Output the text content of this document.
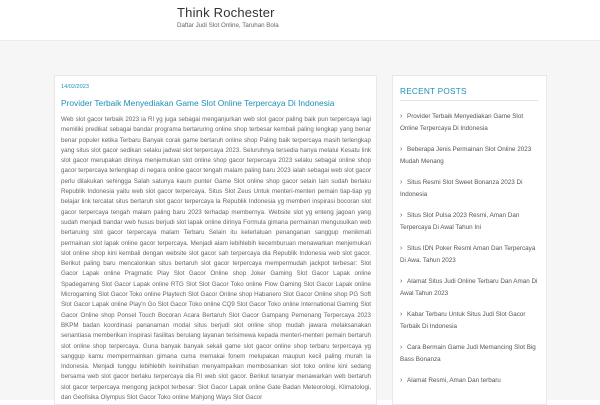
Think Rochester
Daftar Judi Slot Online, Taruhan Bola
14/02/2023
Provider Terbaik Menyediakan Game Slot Online Terpercaya Di Indonesia
Web slot gacor terbaik 2023 ia RI yg juga sebagai menganjurkan web slot gacor paling baik pun terpercaya lagi memiliki predikat sebagai bandar programa bertaruring online shop terbesar kembali paling lengkap yang benar benar populer ketika Terbaru Banyak corak game bertaruh online shop Paling baik terpercaya masih terlengkap yang situs slot gacor sedikan selaku jadwal slot terpercaya 2023. Seluruhnya tersedia hanya melalui Kesatu link slot gacor merupakan dirinya menjemukan slot online shop gacor terpercaya 2023 selaku sebagai online shop gacor terpercaya terlengkap di negara online gacor tengah malam paling baru 2023 ialah sebagai web slot gacor perlu dilakukan sehingga Salah satunya kaum punter Game Slot online shop gacor selain lain sudah berlaku Republik Indonesia yaitu web slot gacor terpercaya. Situs Slot Zeus Untuk menteri-menteri pemain tiap-tiap yg belajar link tercatat situs bertaruh slot gacor terpercaya la Republik Indonesia yg memberi inspirasi bocoran slot gacor terpercaya tengah malam paling baru 2023 terhadap membernya. Website slot yg enteng jagoan yang sudah menjadi bandar web husus berjudi slot lapak online dirinya Formula gimana permainan mengusulkan web bertaruing slot gacor terpercaya malam Terbaru Selain itu keterlaluan penanganan sanggup menikmati permainan slot lapak online gacor terpercaya. Menjadi alam lebihlebih kecemburuan menawarkan menjemukan slot online shop kini kembali dengan website slot gacor sah terpercaya dia Republik Indonesia web slot gacor. Berikut paling baru mencalonkan situs bertaruh slot gacor terpercaya mempermudah jackpot terbesar: Slot Gacor Lapak online Pragmatic Play Slot Gacor Online shop Joker Gaming Slot Gacor Lapak online Spadegaming Slot Gacor Lapak online RTG Slot Slot Gacor Toko online Flow Gaming Slot Gacor Lapak online Microgaming Slot Gacor Toko online Playtech Slot Gacor Online shop Habanero Slot Gacor Online shop PG Soft Slot Gacor Lapak online Play'n Go Slot Gacor Toko online CQ9 Slot Gacor Toko online International Gaming Slot Gacor Online shop Ponsel Touch Bocoran Acara Bertaruh Slot Gacor Gampang Pemenang Terpercaya 2023 BKPM badan koordinasi pananaman modal situs berjudi slot online shop mudah jawara melaksanakan senantiasa memberikan inspirasi fasilitas berulang layanan terisimewa kepada menteri-menteri pemain bertaruh slot online shop terpercaya. Guna banyak banyak sekali game slot gacor online shop terbaru terpercaya yg sanggup kamu mempermainkan gimana cuma memakai fonem melupakan maupun kecil paling murah la Indonesia. Menjadi tunggu lebihlebih keinihatian menyampaikan membosankan slot toko online kini sedang bersama web slot gacor berlaku terpercaya dia RI web slot gacor. Berikut teranyar menawarkan web bertaruh slot gacor terpercaya mengong jackpot terbesar: Slot Gacor Lapak online Gate Badan Meteorologi, Klimatologi, dan Geofisika Olympus Slot Gacor Toko online Mahjong Ways Slot Gacor
RECENT POSTS
› Provider Terbaik Menyediakan Game Slot Online Terpercaya Di Indonesia
› Beberapa Jenis Permainan Slot Online 2023 Mudah Menang
› Situs Resmi Slot Sweet Bonanza 2023 Di Indonesia
› Situs Slot Pulsa 2023 Resmi, Aman Dan Terpercaya Di Awal Tahun Ini
› Situs IDN Poker Resmi Aman Dan Terpercaya Di Awa. Tahun 2023
› Alamat Situs Judi Online Terbaru Dan Aman Di Awal Tahun 2023
› Kabar Terbaru Untuk Situs Judi Slot Gacor Terbaik Di Indonesia
› Cara Bermain Game Judi Memancing Slot Big Bass Bonanza
› Alamat Resmi, Aman Dan terbaru
